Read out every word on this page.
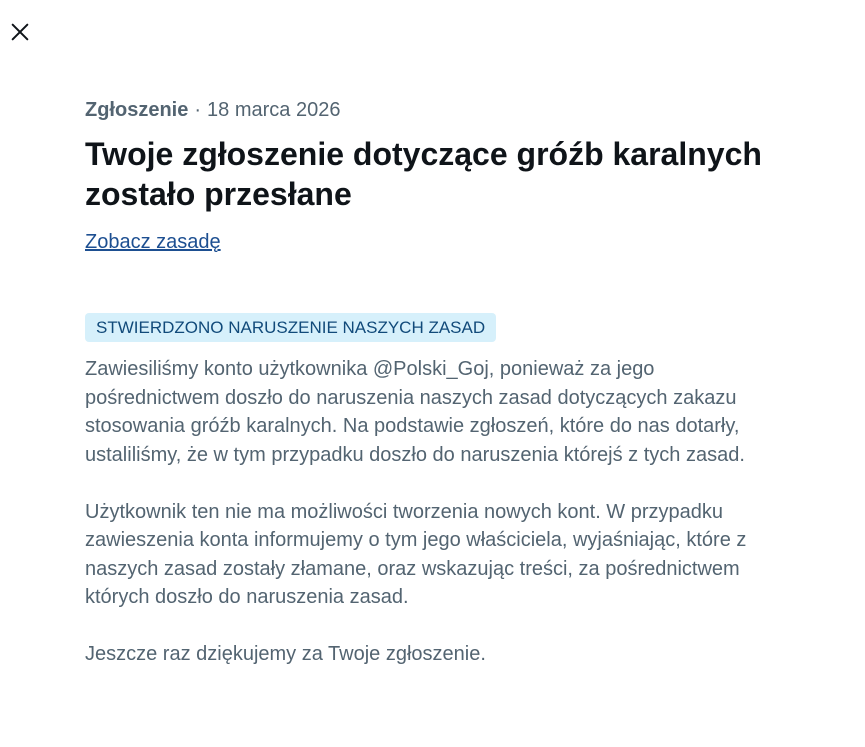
Zgłoszenie · 18 marca 2026
Twoje zgłoszenie dotyczące gróźb karalnych zostało przesłane
Zobacz zasadę
STWIERDZONO NARUSZENIE NASZYCH ZASAD

Zawiesiliśmy konto użytkownika @Polski_Goj, ponieważ za jego pośrednictwem doszło do naruszenia naszych zasad dotyczących zakazu stosowania gróźb karalnych. Na podstawie zgłoszeń, które do nas dotarły, ustaliliśmy, że w tym przypadku doszło do naruszenia którejś z tych zasad.

Użytkownik ten nie ma możliwości tworzenia nowych kont. W przypadku zawieszenia konta informujemy o tym jego właściciela, wyjaśniając, które z naszych zasad zostały złamane, oraz wskazując treści, za pośrednictwem których doszło do naruszenia zasad.

Jeszcze raz dziękujemy za Twoje zgłoszenie.
